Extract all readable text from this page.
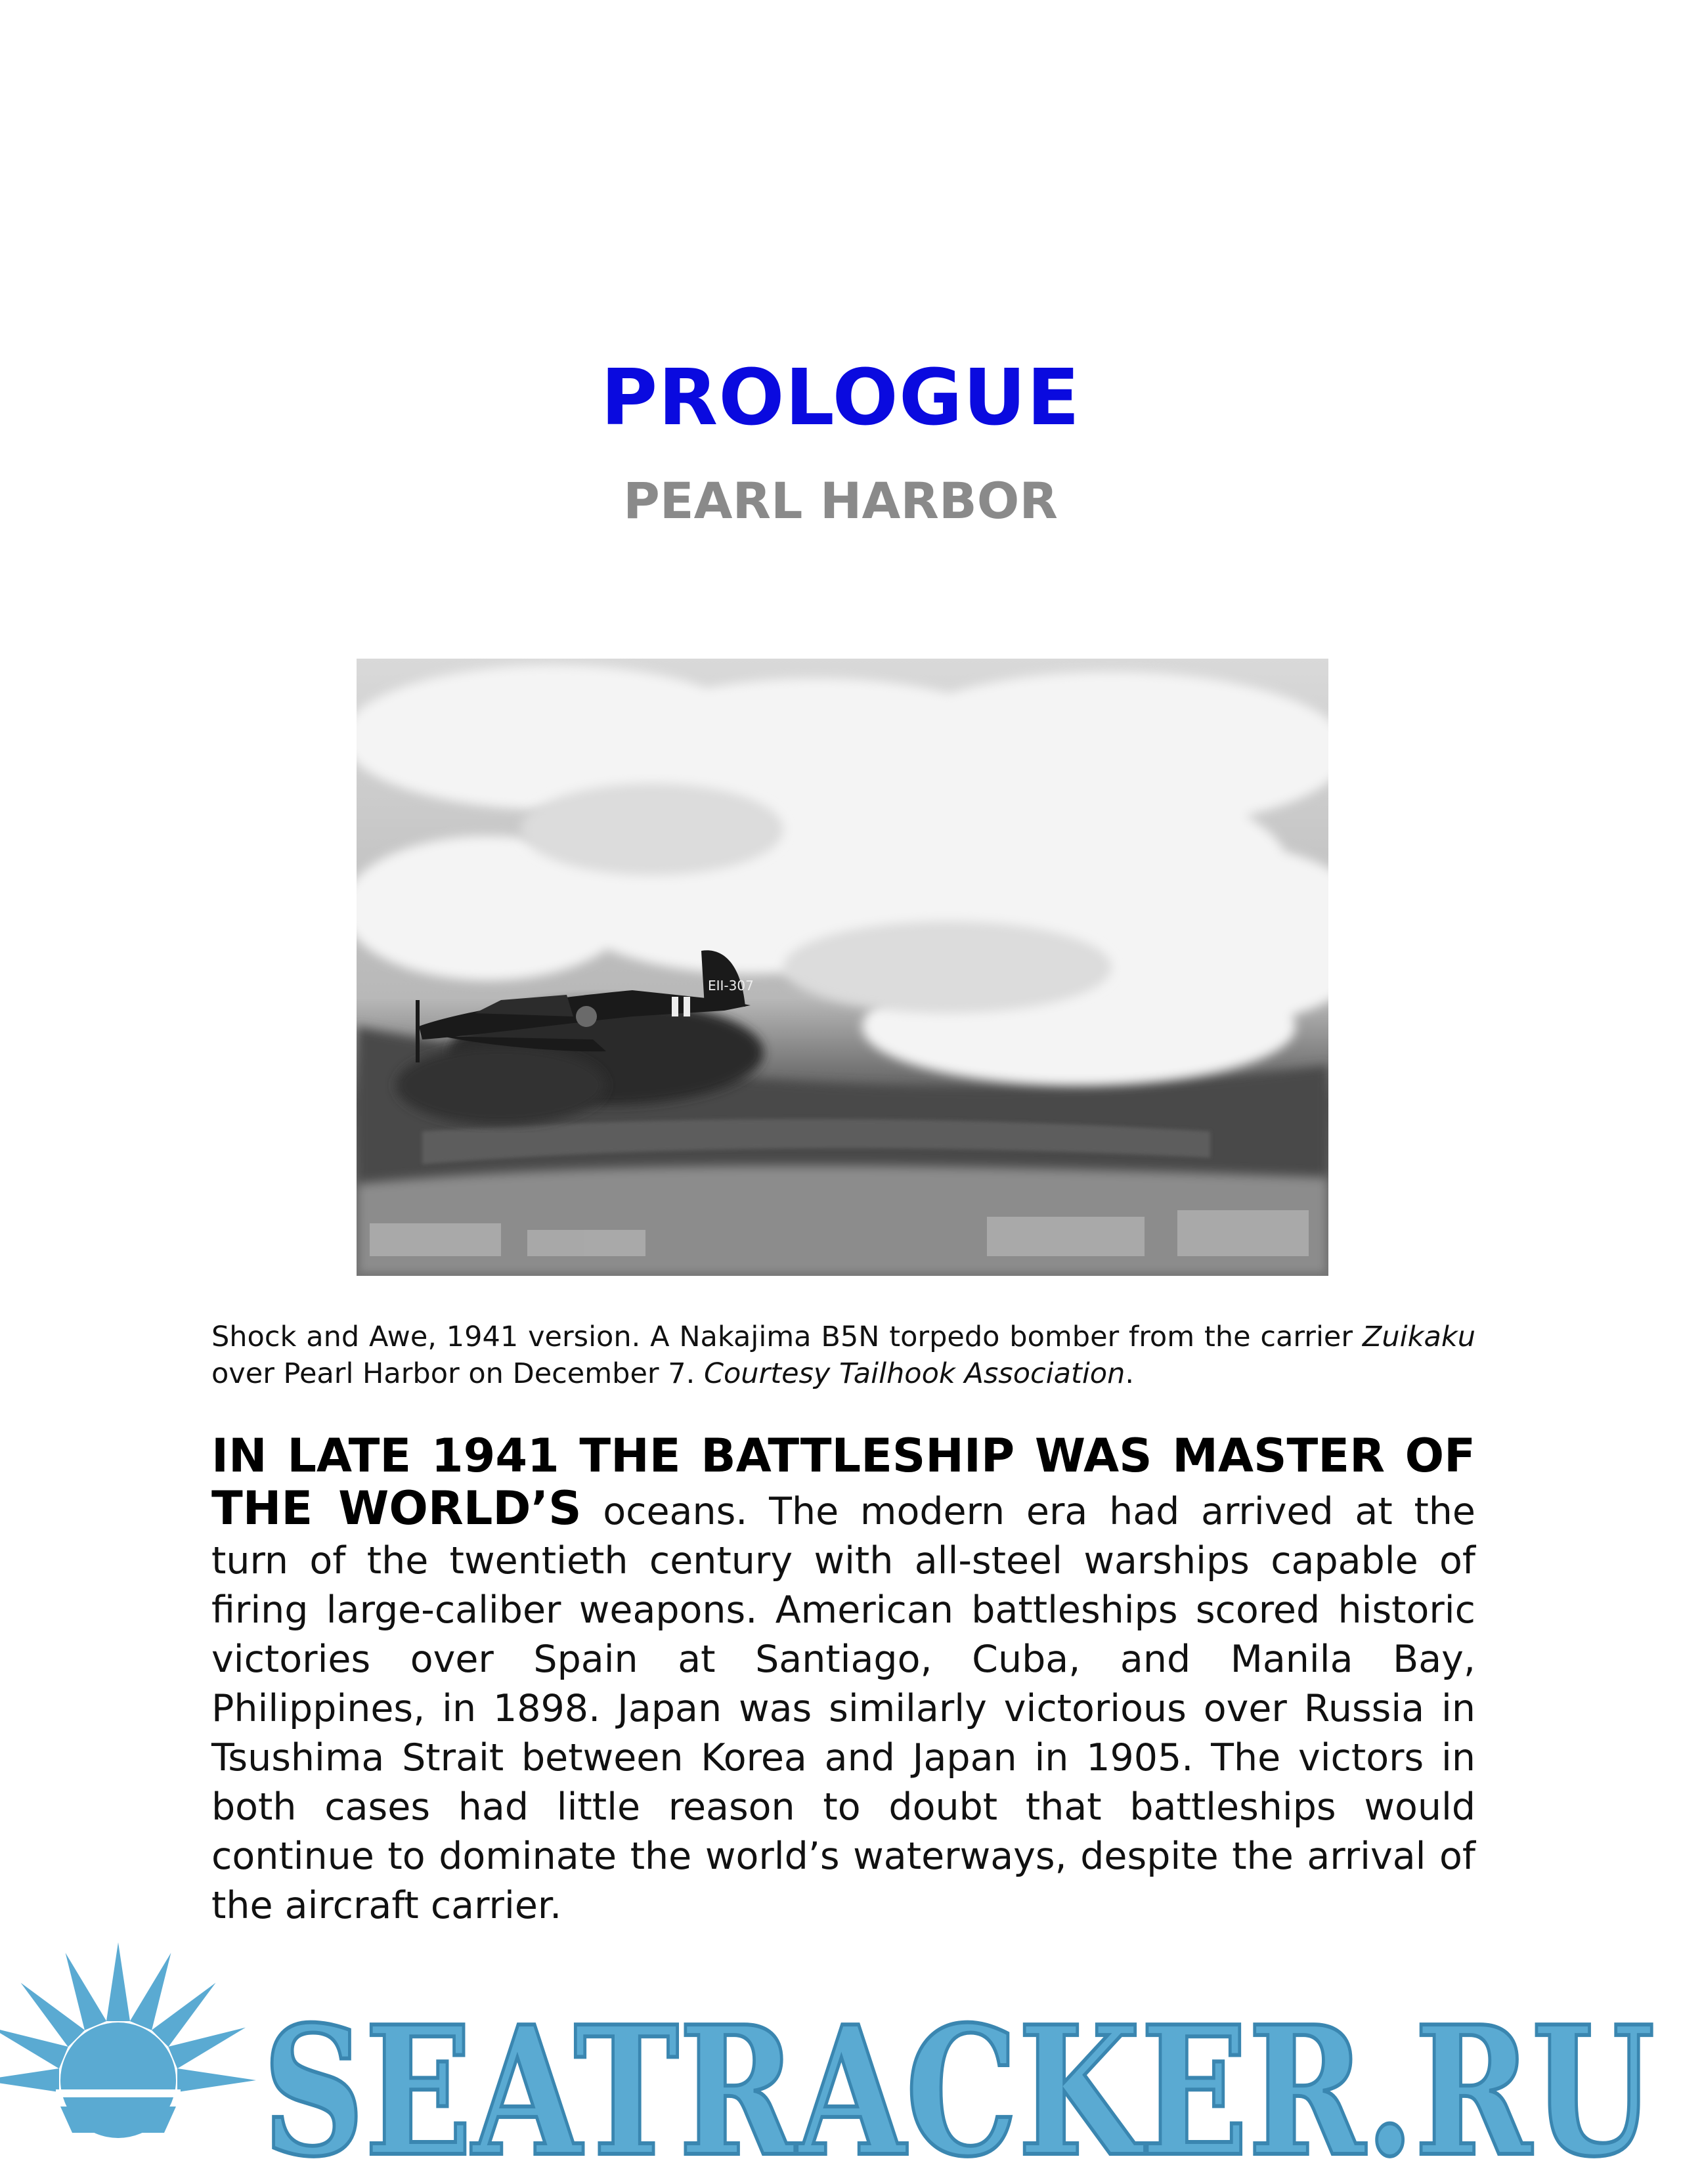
PROLOGUE
PEARL HARBOR
EII-307
Shock and Awe, 1941 version. A Nakajima B5N torpedo bomber from the carrier Zuikaku over Pearl Harbor on December 7. Courtesy Tailhook Association.
IN LATE 1941 THE BATTLESHIP WAS MASTER OF THE WORLD’S oceans. The modern era had arrived at the turn of the twentieth century with all-steel warships capable of firing large-caliber weapons. American battleships scored historic victories over Spain at Santiago, Cuba, and Manila Bay, Philippines, in 1898. Japan was similarly victorious over Russia in Tsushima Strait between Korea and Japan in 1905. The victors in both cases had little reason to doubt that battleships would continue to dominate the world’s waterways, despite the arrival of the aircraft carrier.
SEATRACKER.RU
